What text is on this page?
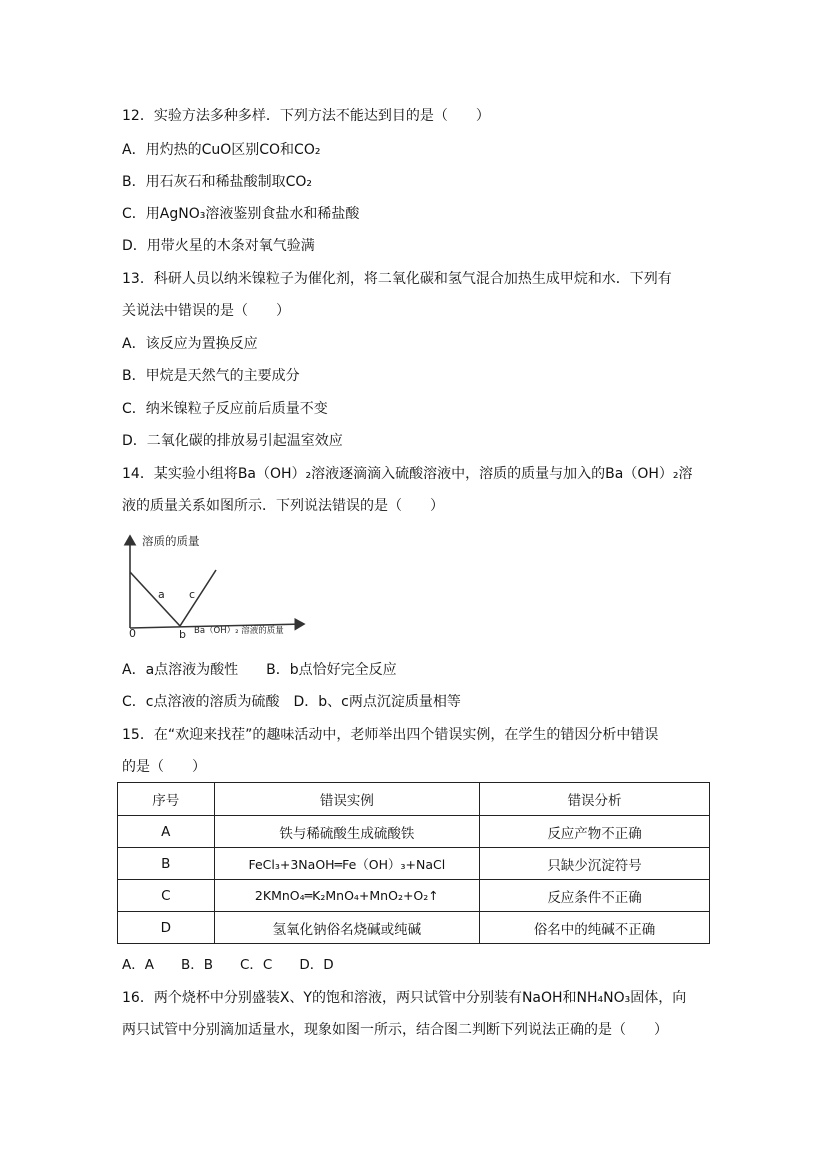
12．实验方法多种多样．下列方法不能达到目的是（　　）
A．用灼热的CuO区别CO和CO₂
B．用石灰石和稀盐酸制取CO₂
C．用AgNO₃溶液鉴别食盐水和稀盐酸
D．用带火星的木条对氧气验满
13．科研人员以纳米镍粒子为催化剂，将二氧化碳和氢气混合加热生成甲烷和水．下列有
关说法中错误的是（　　）
A．该反应为置换反应
B．甲烷是天然气的主要成分
C．纳米镍粒子反应前后质量不变
D．二氧化碳的排放易引起温室效应
14．某实验小组将Ba（OH）₂溶液逐滴滴入硫酸溶液中，溶质的质量与加入的Ba（OH）₂溶
液的质量关系如图所示．下列说法错误的是（　　）
溶质的质量
a c
b
0	Ba（OH）₂ 溶液的质量
A．a点溶液为酸性　　B．b点恰好完全反应
C．c点溶液的溶质为硫酸　D．b、c两点沉淀质量相等
15．在“欢迎来找茬”的趣味活动中，老师举出四个错误实例，在学生的错因分析中错误
的是（　　）
序号	错误实例	错误分析
A	铁与稀硫酸生成硫酸铁	反应产物不正确
B	FeCl₃+3NaOH═Fe（OH）₃+NaCl	只缺少沉淀符号
C	2KMnO₄═K₂MnO₄+MnO₂+O₂↑	反应条件不正确
D	氢氧化钠俗名烧碱或纯碱	俗名中的纯碱不正确
A．A　　B．B　　C．C　　D．D
16．两个烧杯中分别盛装X、Y的饱和溶液，两只试管中分别装有NaOH和NH₄NO₃固体，向
两只试管中分别滴加适量水，现象如图一所示，结合图二判断下列说法正确的是（　　）
